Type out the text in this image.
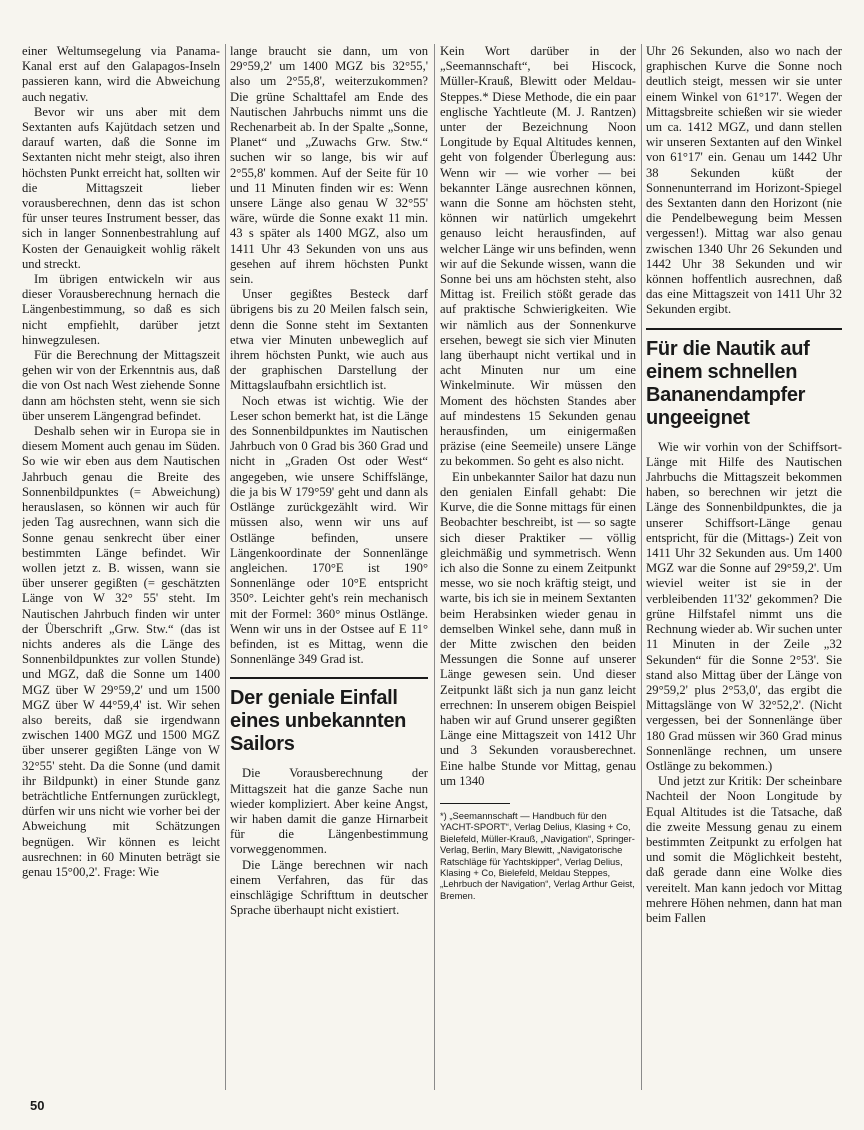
einer Weltumsegelung via Panama-Kanal erst auf den Galapagos-Inseln passieren kann, wird die Abweichung auch negativ.

Bevor wir uns aber mit dem Sextanten aufs Kajütdach setzen und darauf warten, daß die Sonne im Sextanten nicht mehr steigt, also ihren höchsten Punkt erreicht hat, sollten wir die Mittagszeit lieber vorausberechnen, denn das ist schon für unser teures Instrument besser, das sich in langer Sonnenbestrahlung auf Kosten der Genauigkeit wohlig räkelt und streckt.

Im übrigen entwickeln wir aus dieser Vorausberechnung hernach die Längenbestimmung, so daß es sich nicht empfiehlt, darüber jetzt hinwegzulesen.

Für die Berechnung der Mittagszeit gehen wir von der Erkenntnis aus, daß die von Ost nach West ziehende Sonne dann am höchsten steht, wenn sie sich über unserem Längengrad befindet.

Deshalb sehen wir in Europa sie in diesem Moment auch genau im Süden. So wie wir eben aus dem Nautischen Jahrbuch genau die Breite des Sonnenbildpunktes (= Abweichung) herauslasen, so können wir auch für jeden Tag ausrechnen, wann sich die Sonne genau senkrecht über einer bestimmten Länge befindet. Wir wollen jetzt z. B. wissen, wann sie über unserer gegißten (= geschätzten Länge von W 32° 55' steht. Im Nautischen Jahrbuch finden wir unter der Überschrift „Grw. Stw.“ (das ist nichts anderes als die Länge des Sonnenbildpunktes zur vollen Stunde) und MGZ, daß die Sonne um 1400 MGZ über W 29°59,2' und um 1500 MGZ über W 44°59,4' ist. Wir sehen also bereits, daß sie irgendwann zwischen 1400 MGZ und 1500 MGZ über unserer gegißten Länge von W 32°55' steht. Da die Sonne (und damit ihr Bildpunkt) in einer Stunde ganz beträchtliche Entfernungen zurücklegt, dürfen wir uns nicht wie vorher bei der Abweichung mit Schätzungen begnügen. Wir können es leicht ausrechnen: in 60 Minuten beträgt sie genau 15°00,2'. Frage: Wie

lange braucht sie dann, um von 29°59,2' um 1400 MGZ bis 32°55,' also um 2°55,8', weiterzukommen? Die grüne Schalttafel am Ende des Nautischen Jahrbuchs nimmt uns die Rechenarbeit ab. In der Spalte „Sonne, Planet“ und „Zuwachs Grw. Stw.“ suchen wir so lange, bis wir auf 2°55,8' kommen. Auf der Seite für 10 und 11 Minuten finden wir es: Wenn unsere Länge also genau W 32°55' wäre, würde die Sonne exakt 11 min. 43 s später als 1400 MGZ, also um 1411 Uhr 43 Sekunden von uns aus gesehen auf ihrem höchsten Punkt sein.

Unser gegißtes Besteck darf übrigens bis zu 20 Meilen falsch sein, denn die Sonne steht im Sextanten etwa vier Minuten unbeweglich auf ihrem höchsten Punkt, wie auch aus der graphischen Darstellung der Mittagslaufbahn ersichtlich ist.

Noch etwas ist wichtig. Wie der Leser schon bemerkt hat, ist die Länge des Sonnenbildpunktes im Nautischen Jahrbuch von 0 Grad bis 360 Grad und nicht in „Graden Ost oder West“ angegeben, wie unsere Schiffslänge, die ja bis W 179°59' geht und dann als Ostlänge zurückgezählt wird. Wir müssen also, wenn wir uns auf Ostlänge befinden, unsere Längenkoordinate der Sonnenlänge angleichen. 170°E ist 190° Sonnenlänge oder 10°E entspricht 350°. Leichter geht's rein mechanisch mit der Formel: 360° minus Ostlänge. Wenn wir uns in der Ostsee auf E 11° befinden, ist es Mittag, wenn die Sonnenlänge 349 Grad ist.

Der geniale Einfall eines unbekannten Sailors

Die Vorausberechnung der Mittagszeit hat die ganze Sache nun wieder kompliziert. Aber keine Angst, wir haben damit die ganze Hirnarbeit für die Längenbestimmung vorweggenommen.

Die Länge berechnen wir nach einem Verfahren, das für das einschlägige Schrifttum in deutscher Sprache überhaupt nicht existiert.

Kein Wort darüber in der „Seemannschaft“, bei Hiscock, Müller-Krauß, Blewitt oder Meldau-Steppes.* Diese Methode, die ein paar englische Yachtleute (M. J. Rantzen) unter der Bezeichnung Noon Longitude by Equal Altitudes kennen, geht von folgender Überlegung aus: Wenn wir — wie vorher — bei bekannter Länge ausrechnen können, wann die Sonne am höchsten steht, können wir natürlich umgekehrt genauso leicht herausfinden, auf welcher Länge wir uns befinden, wenn wir auf die Sekunde wissen, wann die Sonne bei uns am höchsten steht, also Mittag ist. Freilich stößt gerade das auf praktische Schwierigkeiten. Wie wir nämlich aus der Sonnenkurve ersehen, bewegt sie sich vier Minuten lang überhaupt nicht vertikal und in acht Minuten nur um eine Winkelminute. Wir müssen den Moment des höchsten Standes aber auf mindestens 15 Sekunden genau herausfinden, um einigermaßen präzise (eine Seemeile) unsere Länge zu bekommen. So geht es also nicht.

Ein unbekannter Sailor hat dazu nun den genialen Einfall gehabt: Die Kurve, die die Sonne mittags für einen Beobachter beschreibt, ist — so sagte sich dieser Praktiker — völlig gleichmäßig und symmetrisch. Wenn ich also die Sonne zu einem Zeitpunkt messe, wo sie noch kräftig steigt, und warte, bis ich sie in meinem Sextanten beim Herabsinken wieder genau in demselben Winkel sehe, dann muß in der Mitte zwischen den beiden Messungen die Sonne auf unserer Länge gewesen sein. Und dieser Zeitpunkt läßt sich ja nun ganz leicht errechnen: In unserem obigen Beispiel haben wir auf Grund unserer gegißten Länge eine Mittagszeit von 1412 Uhr und 3 Sekunden vorausberechnet. Eine halbe Stunde vor Mittag, genau um 1340

*) „Seemannschaft — Handbuch für den YACHT-SPORT“, Verlag Delius, Klasing + Co, Bielefeld, Müller-Krauß, „Navigation“, Springer-Verlag, Berlin, Mary Blewitt, „Navigatorische Ratschläge für Yachtskipper“, Verlag Delius, Klasing + Co, Bielefeld, Meldau Steppes, „Lehrbuch der Navigation“, Verlag Arthur Geist, Bremen.

Uhr 26 Sekunden, also wo nach der graphischen Kurve die Sonne noch deutlich steigt, messen wir sie unter einem Winkel von 61°17'. Wegen der Mittagsbreite schießen wir sie wieder um ca. 1412 MGZ, und dann stellen wir unseren Sextanten auf den Winkel von 61°17' ein. Genau um 1442 Uhr 38 Sekunden küßt der Sonnenunterrand im Horizont-Spiegel des Sextanten dann den Horizont (nie die Pendelbewegung beim Messen vergessen!). Mittag war also genau zwischen 1340 Uhr 26 Sekunden und 1442 Uhr 38 Sekunden und wir können hoffentlich ausrechnen, daß das eine Mittagszeit von 1411 Uhr 32 Sekunden ergibt.

Für die Nautik auf einem schnellen Bananendampfer ungeeignet

Wie wir vorhin von der Schiffsort-Länge mit Hilfe des Nautischen Jahrbuchs die Mittagszeit bekommen haben, so berechnen wir jetzt die Länge des Sonnenbildpunktes, die ja unserer Schiffsort-Länge genau entspricht, für die (Mittags-) Zeit von 1411 Uhr 32 Sekunden aus. Um 1400 MGZ war die Sonne auf 29°59,2'. Um wieviel weiter ist sie in der verbleibenden 11'32' gekommen? Die grüne Hilfstafel nimmt uns die Rechnung wieder ab. Wir suchen unter 11 Minuten in der Zeile „32 Sekunden“ für die Sonne 2°53'. Sie stand also Mittag über der Länge von 29°59,2' plus 2°53,0', das ergibt die Mittagslänge von W 32°52,2'. (Nicht vergessen, bei der Sonnenlänge über 180 Grad müssen wir 360 Grad minus Sonnenlänge rechnen, um unsere Ostlänge zu bekommen.)

Und jetzt zur Kritik: Der scheinbare Nachteil der Noon Longitude by Equal Altitudes ist die Tatsache, daß die zweite Messung genau zu einem bestimmten Zeitpunkt zu erfolgen hat und somit die Möglichkeit besteht, daß gerade dann eine Wolke dies vereitelt. Man kann jedoch vor Mittag mehrere Höhen nehmen, dann hat man beim Fallen

50
